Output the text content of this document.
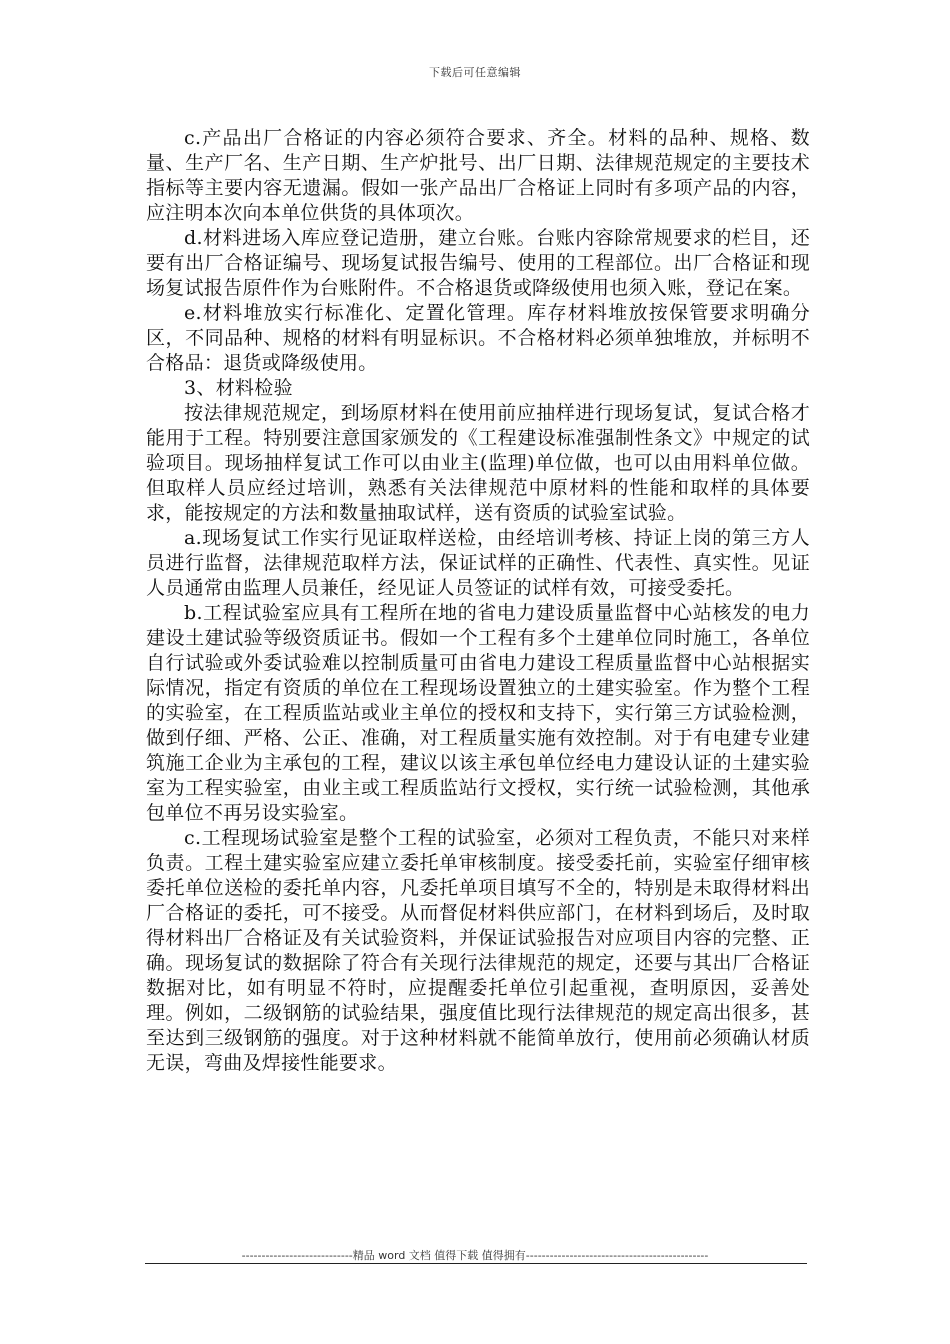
下载后可任意编辑

c.产品出厂合格证的内容必须符合要求、齐全。材料的品种、规格、数量、生产厂名、生产日期、生产炉批号、出厂日期、法律规范规定的主要技术指标等主要内容无遗漏。假如一张产品出厂合格证上同时有多项产品的内容，应注明本次向本单位供货的具体项次。

d.材料进场入库应登记造册，建立台账。台账内容除常规要求的栏目，还要有出厂合格证编号、现场复试报告编号、使用的工程部位。出厂合格证和现场复试报告原件作为台账附件。不合格退货或降级使用也须入账，登记在案。

e.材料堆放实行标准化、定置化管理。库存材料堆放按保管要求明确分区，不同品种、规格的材料有明显标识。不合格材料必须单独堆放，并标明不合格品：退货或降级使用。

3、材料检验

按法律规范规定，到场原材料在使用前应抽样进行现场复试，复试合格才能用于工程。特别要注意国家颁发的《工程建设标准强制性条文》中规定的试验项目。现场抽样复试工作可以由业主(监理)单位做，也可以由用料单位做。但取样人员应经过培训，熟悉有关法律规范中原材料的性能和取样的具体要求，能按规定的方法和数量抽取试样，送有资质的试验室试验。

a.现场复试工作实行见证取样送检，由经培训考核、持证上岗的第三方人员进行监督，法律规范取样方法，保证试样的正确性、代表性、真实性。见证人员通常由监理人员兼任，经见证人员签证的试样有效，可接受委托。

b.工程试验室应具有工程所在地的省电力建设质量监督中心站核发的电力建设土建试验等级资质证书。假如一个工程有多个土建单位同时施工，各单位自行试验或外委试验难以控制质量可由省电力建设工程质量监督中心站根据实际情况，指定有资质的单位在工程现场设置独立的土建实验室。作为整个工程的实验室，在工程质监站或业主单位的授权和支持下，实行第三方试验检测，做到仔细、严格、公正、准确，对工程质量实施有效控制。对于有电建专业建筑施工企业为主承包的工程，建议以该主承包单位经电力建设认证的土建实验室为工程实验室，由业主或工程质监站行文授权，实行统一试验检测，其他承包单位不再另设实验室。

c.工程现场试验室是整个工程的试验室，必须对工程负责，不能只对来样负责。工程土建实验室应建立委托单审核制度。接受委托前，实验室仔细审核委托单位送检的委托单内容，凡委托单项目填写不全的，特别是未取得材料出厂合格证的委托，可不接受。从而督促材料供应部门，在材料到场后，及时取得材料出厂合格证及有关试验资料，并保证试验报告对应项目内容的完整、正确。现场复试的数据除了符合有关现行法律规范的规定，还要与其出厂合格证数据对比，如有明显不符时，应提醒委托单位引起重视，查明原因，妥善处理。例如，二级钢筋的试验结果，强度值比现行法律规范的规定高出很多，甚至达到三级钢筋的强度。对于这种材料就不能简单放行，使用前必须确认材质无误，弯曲及焊接性能要求。

----------------------------精品 word 文档 值得下载 值得拥有----------------------------------------------
